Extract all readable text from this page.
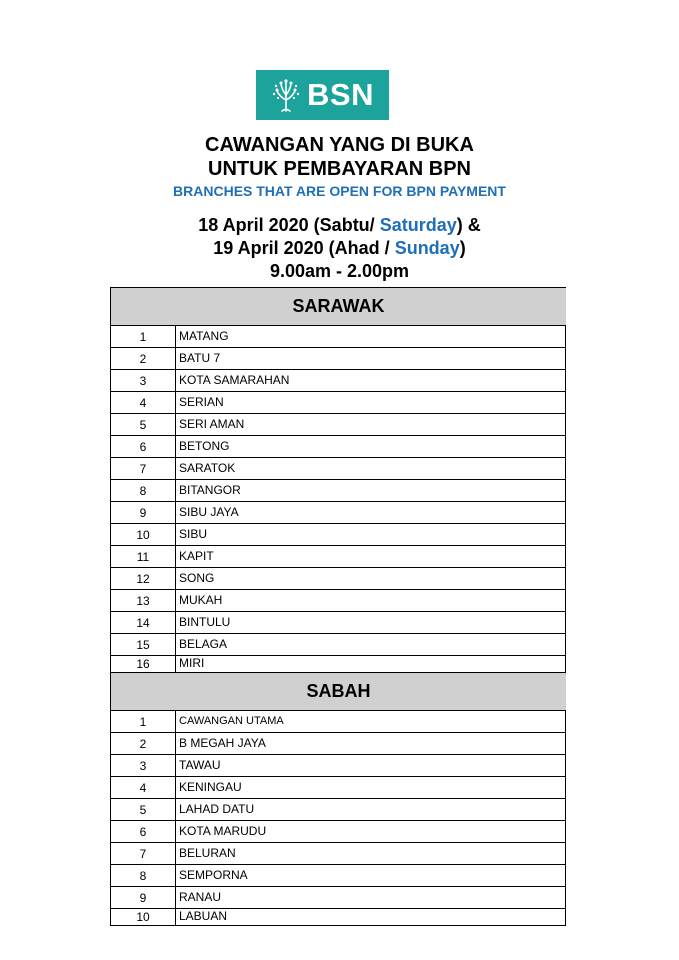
BSN
CAWANGAN YANG DI BUKA
UNTUK PEMBAYARAN BPN
BRANCHES THAT ARE OPEN FOR BPN PAYMENT
18 April 2020 (Sabtu/ Saturday) &
19 April 2020 (Ahad / Sunday)
9.00am - 2.00pm
SARAWAK
1	MATANG
2	BATU 7
3	KOTA SAMARAHAN
4	SERIAN
5	SERI AMAN
6	BETONG
7	SARATOK
8	BITANGOR
9	SIBU JAYA
10	SIBU
11	KAPIT
12	SONG
13	MUKAH
14	BINTULU
15	BELAGA
16	MIRI
SABAH
1	CAWANGAN UTAMA
2	B MEGAH JAYA
3	TAWAU
4	KENINGAU
5	LAHAD DATU
6	KOTA MARUDU
7	BELURAN
8	SEMPORNA
9	RANAU
10	LABUAN
